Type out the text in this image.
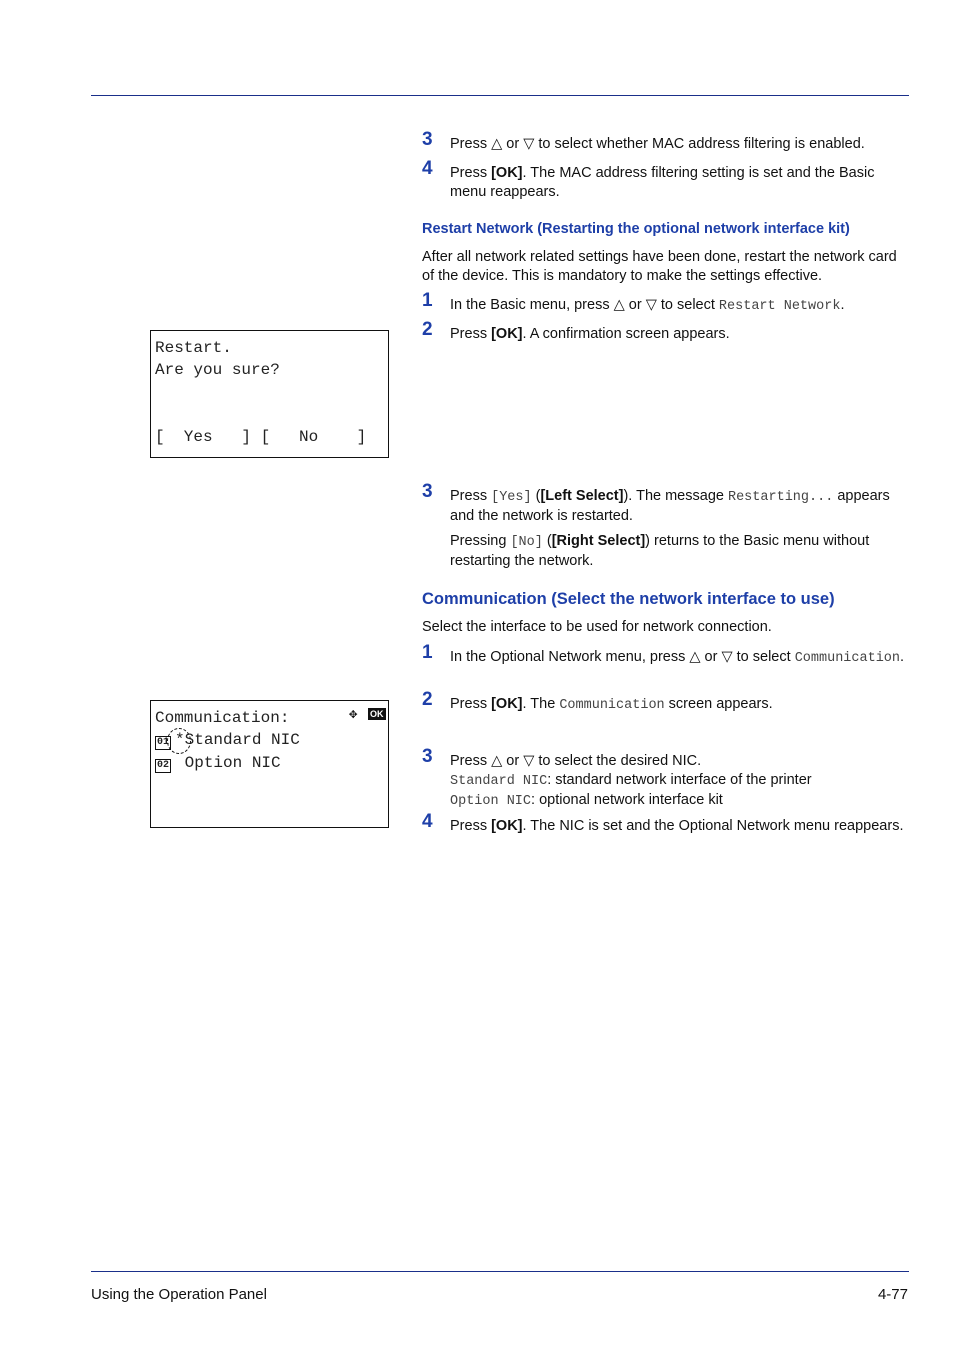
3 Press △ or ▽ to select whether MAC address filtering is enabled.
4 Press [OK]. The MAC address filtering setting is set and the Basic menu reappears.
Restart Network (Restarting the optional network interface kit)
After all network related settings have been done, restart the network card of the device. This is mandatory to make the settings effective.
1 In the Basic menu, press △ or ▽ to select Restart Network.
2 Press [OK]. A confirmation screen appears.
Restart.
Are you sure?
[  Yes   ] [   No    ]
3 Press [Yes] ([Left Select]). The message Restarting... appears and the network is restarted.
Pressing [No] ([Right Select]) returns to the Basic menu without restarting the network.
Communication (Select the network interface to use)
Select the interface to be used for network connection.
1 In the Optional Network menu, press △ or ▽ to select Communication.
2 Press [OK]. The Communication screen appears.
Communication:	✥ OK
01 *Standard NIC
02 Option NIC	3 Press △ or ▽ to select the desired NIC.
Standard NIC: standard network interface of the printer
Option NIC: optional network interface kit
4 Press [OK]. The NIC is set and the Optional Network menu reappears.
Using the Operation Panel	4-77
